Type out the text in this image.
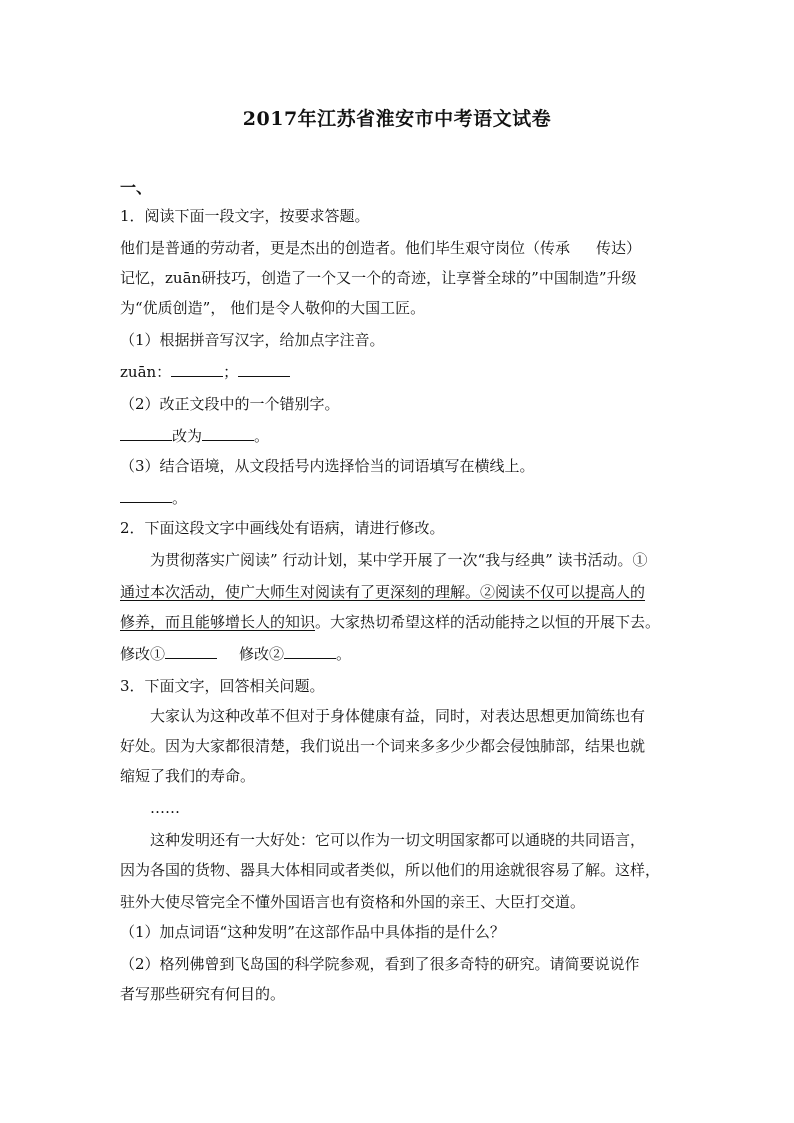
2017年江苏省淮安市中考语文试卷
一、
1．阅读下面一段文字，按要求答题。
他们是普通的劳动者，更是杰出的创造者。他们毕生艰守岗位（传承 传达）
记忆，zuān研技巧，创造了一个又一个的奇迹，让享誉全球的”中国制造”升级
为“优质创造”， 他们是令人敬仰的大国工匠。
（1）根据拼音写汉字，给加点字注音。
zuān：	；
（2）改正文段中的一个错别字。
改为	。
（3）结合语境，从文段括号内选择恰当的词语填写在横线上。
。
2．下面这段文字中画线处有语病，请进行修改。
为贯彻落实广阅读” 行动计划，某中学开展了一次“我与经典” 读书活动。①
通过本次活动，使广大师生对阅读有了更深刻的理解。②阅读不仅可以提高人的
修养，而且能够增长人的知识。大家热切希望这样的活动能持之以恒的开展下去。
修改①	修改②	。
3．下面文字，回答相关问题。
大家认为这种改革不但对于身体健康有益，同时，对表达思想更加简练也有
好处。因为大家都很清楚，我们说出一个词来多多少少都会侵蚀肺部，结果也就
缩短了我们的寿命。
……
这种发明还有一大好处：它可以作为一切文明国家都可以通晓的共同语言，
因为各国的货物、器具大体相同或者类似，所以他们的用途就很容易了解。这样，
驻外大使尽管完全不懂外国语言也有资格和外国的亲王、大臣打交道。
（1）加点词语“这种发明”在这部作品中具体指的是什么？
（2）格列佛曾到飞岛国的科学院参观，看到了很多奇特的研究。请简要说说作
者写那些研究有何目的。
